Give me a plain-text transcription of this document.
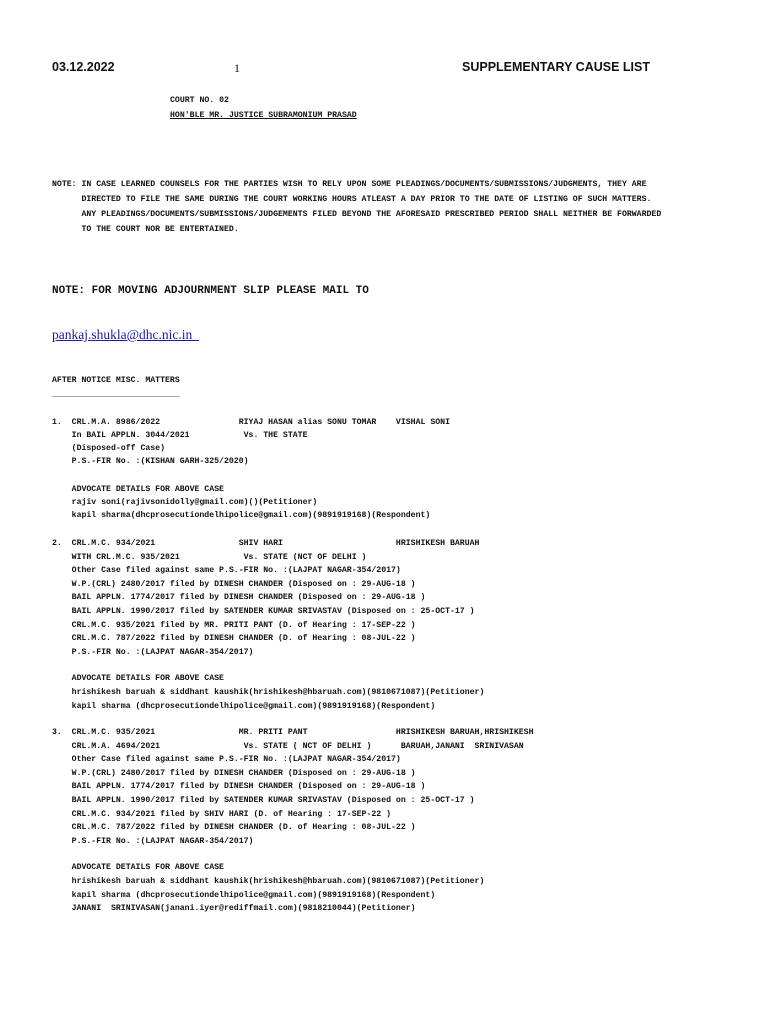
03.12.2022	1	SUPPLEMENTARY CAUSE LIST
COURT NO. 02
HON'BLE MR. JUSTICE SUBRAMONIUM PRASAD
NOTE: IN CASE LEARNED COUNSELS FOR THE PARTIES WISH TO RELY UPON SOME PLEADINGS/DOCUMENTS/SUBMISSIONS/JUDGMENTS, THEY ARE
DIRECTED TO FILE THE SAME DURING THE COURT WORKING HOURS ATLEAST A DAY PRIOR TO THE DATE OF LISTING OF SUCH MATTERS.
ANY PLEADINGS/DOCUMENTS/SUBMISSIONS/JUDGEMENTS FILED BEYOND THE AFORESAID PRESCRIBED PERIOD SHALL NEITHER BE FORWARDED
TO THE COURT NOR BE ENTERTAINED.
NOTE: FOR MOVING ADJOURNMENT SLIP PLEASE MAIL TO
pankaj.shukla@dhc.nic.in
AFTER NOTICE MISC. MATTERS
__________________________
1.  CRL.M.A. 8986/2022                RIYAJ HASAN alias SONU TOMAR    VISHAL SONI
In BAIL APPLN. 3044/2021           Vs. THE STATE
(Disposed-off Case)
P.S.-FIR No. :(KISHAN GARH-325/2020)
ADVOCATE DETAILS FOR ABOVE CASE
rajiv soni(rajivsonidolly@gmail.com)()(Petitioner)
kapil sharma(dhcprosecutiondelhipolice@gmail.com)(9891919168)(Respondent)
2.  CRL.M.C. 934/2021                 SHIV HARI                       HRISHIKESH BARUAH
WITH CRL.M.C. 935/2021             Vs. STATE (NCT OF DELHI )
Other Case filed against same P.S.-FIR No. :(LAJPAT NAGAR-354/2017)
W.P.(CRL) 2480/2017 filed by DINESH CHANDER (Disposed on : 29-AUG-18 )
BAIL APPLN. 1774/2017 filed by DINESH CHANDER (Disposed on : 29-AUG-18 )
BAIL APPLN. 1990/2017 filed by SATENDER KUMAR SRIVASTAV (Disposed on : 25-OCT-17 )
CRL.M.C. 935/2021 filed by MR. PRITI PANT (D. of Hearing : 17-SEP-22 )
CRL.M.C. 787/2022 filed by DINESH CHANDER (D. of Hearing : 08-JUL-22 )
P.S.-FIR No. :(LAJPAT NAGAR-354/2017)
ADVOCATE DETAILS FOR ABOVE CASE
hrishikesh baruah & siddhant kaushik(hrishikesh@hbaruah.com)(9810671087)(Petitioner)
kapil sharma (dhcprosecutiondelhipolice@gmail.com)(9891919168)(Respondent)
3.  CRL.M.C. 935/2021                 MR. PRITI PANT                  HRISHIKESH BARUAH,HRISHIKESH
CRL.M.A. 4694/2021                 Vs. STATE ( NCT OF DELHI )      BARUAH,JANANI  SRINIVASAN
Other Case filed against same P.S.-FIR No. :(LAJPAT NAGAR-354/2017)
W.P.(CRL) 2480/2017 filed by DINESH CHANDER (Disposed on : 29-AUG-18 )
BAIL APPLN. 1774/2017 filed by DINESH CHANDER (Disposed on : 29-AUG-18 )
BAIL APPLN. 1990/2017 filed by SATENDER KUMAR SRIVASTAV (Disposed on : 25-OCT-17 )
CRL.M.C. 934/2021 filed by SHIV HARI (D. of Hearing : 17-SEP-22 )
CRL.M.C. 787/2022 filed by DINESH CHANDER (D. of Hearing : 08-JUL-22 )
P.S.-FIR No. :(LAJPAT NAGAR-354/2017)
ADVOCATE DETAILS FOR ABOVE CASE
hrishikesh baruah & siddhant kaushik(hrishikesh@hbaruah.com)(9810671087)(Petitioner)
kapil sharma (dhcprosecutiondelhipolice@gmail.com)(9891919168)(Respondent)
JANANI  SRINIVASAN(janani.iyer@rediffmail.com)(9818210044)(Petitioner)
